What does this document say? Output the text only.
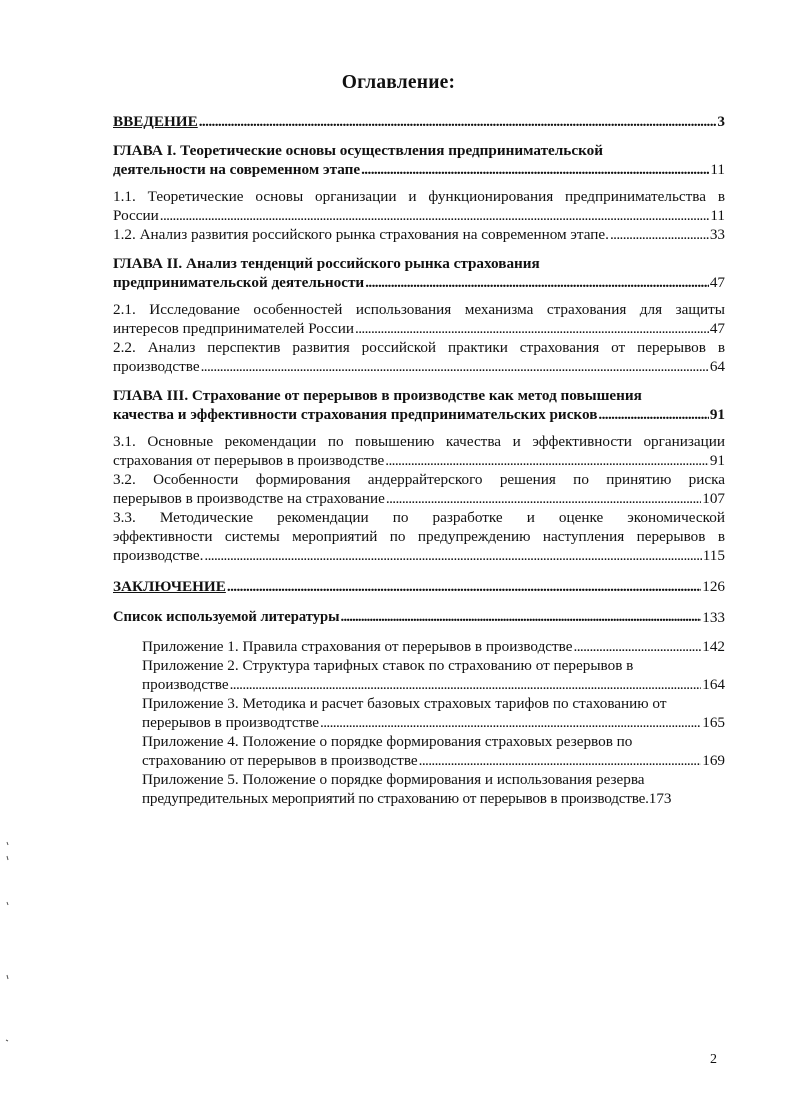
Оглавление:
ВВЕДЕНИЕ . . .	3
ГЛАВА I. Теоретические основы осуществления предпринимательской
деятельности на современном этапе . . .	11
1.1. Теоретические основы организации и функционирования предпринимательства в
России . . .	11
1.2. Анализ развития российского рынка страхования на современном этапе. . . .	33
ГЛАВА II. Анализ тенденций российского рынка страхования
предпринимательской деятельности . . .	47
2.1. Исследование особенностей использования механизма страхования для защиты
интересов предпринимателей России . . .	47
2.2. Анализ перспектив развития российской практики страхования от перерывов в
производстве . . .	64
ГЛАВА III. Страхование от перерывов в производстве как метод повышения
качества и эффективности страхования предпринимательских рисков . . .	91
3.1. Основные рекомендации по повышению качества и эффективности организации
страхования от перерывов в производстве . . .	91
3.2. Особенности формирования андеррайтерского решения по принятию риска
перерывов в производстве на страхование . . .	107
3.3. Методические рекомендации по разработке и оценке экономической
эффективности системы мероприятий по предупреждению наступления перерывов в
производстве. . . .	115
ЗАКЛЮЧЕНИЕ . . .	126
Список используемой литературы . . .	133
Приложение 1. Правила страхования от перерывов в производстве . . .	142
Приложение 2. Структура тарифных ставок по страхованию от перерывов в
производстве . . .	164
Приложение 3. Методика и расчет базовых страховых тарифов по стахованию от
перерывов в производтстве . . .	165
Приложение 4. Положение о порядке формирования страховых резервов по
страхованию от перерывов в производстве . . .	169
Приложение 5. Положение о порядке формирования и использования резерва
предупредительных мероприятий по страхованию от перерывов в производстве. 173
2
